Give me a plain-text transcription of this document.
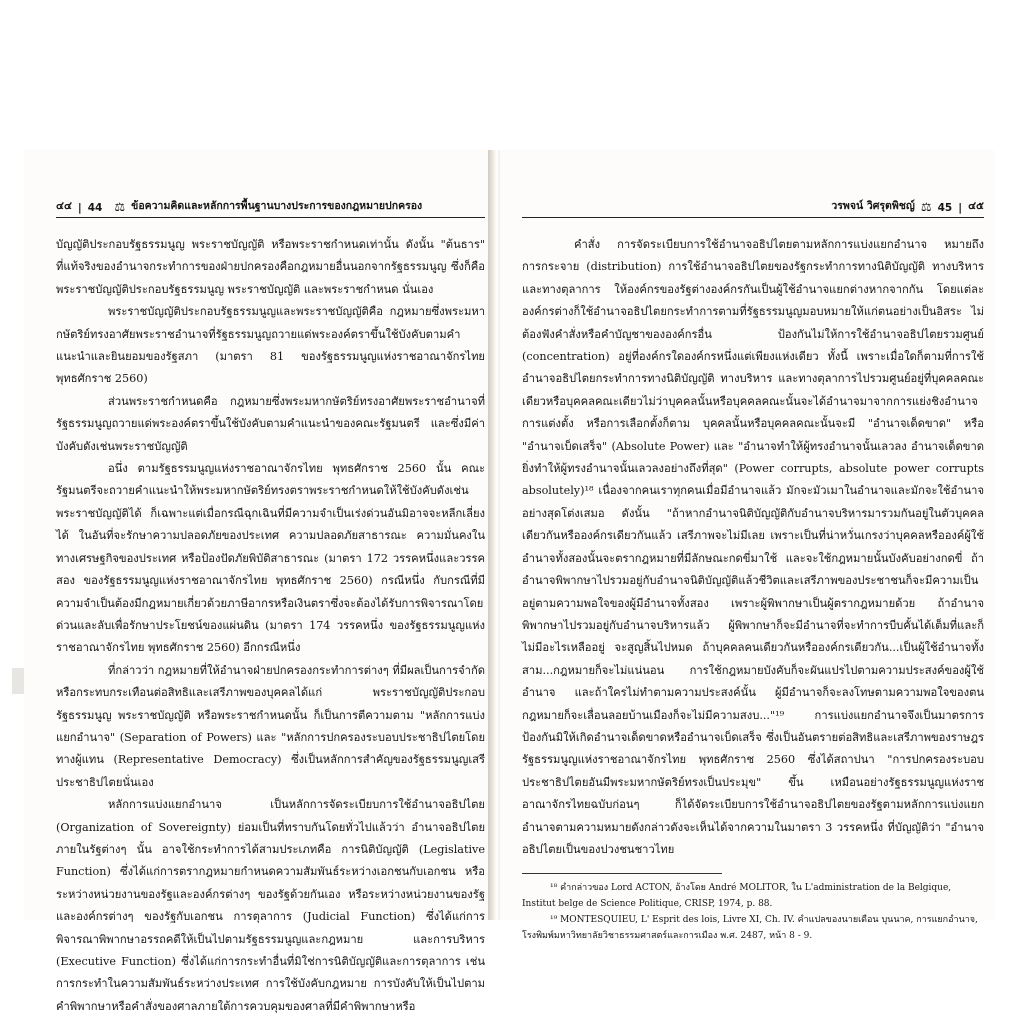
๔๔ | 44 ⚖ ข้อความคิดและหลักการพื้นฐานบางประการของกฎหมายปกครอง

บัญญัติประกอบรัฐธรรมนูญ พระราชบัญญัติ หรือพระราชกำหนดเท่านั้น ดังนั้น "ต้นธาร" ที่แท้จริงของอำนาจกระทำการของฝ่ายปกครองคือกฎหมายอื่นนอกจากรัฐธรรมนูญ ซึ่งก็คือ พระราชบัญญัติประกอบรัฐธรรมนูญ พระราชบัญญัติ และพระราชกำหนด นั่นเอง

พระราชบัญญัติประกอบรัฐธรรมนูญและพระราชบัญญัติคือ กฎหมายซึ่งพระมหากษัตริย์ทรงอาศัยพระราชอำนาจที่รัฐธรรมนูญถวายแด่พระองค์ตราขึ้นใช้บังคับตามคำแนะนำและยินยอมของรัฐสภา (มาตรา 81 ของรัฐธรรมนูญแห่งราชอาณาจักรไทย พุทธศักราช 2560)

ส่วนพระราชกำหนดคือ กฎหมายซึ่งพระมหากษัตริย์ทรงอาศัยพระราชอำนาจที่รัฐธรรมนูญถวายแด่พระองค์ตราขึ้นใช้บังคับตามคำแนะนำของคณะรัฐมนตรี และซึ่งมีค่าบังคับดังเช่นพระราชบัญญัติ

อนึ่ง ตามรัฐธรรมนูญแห่งราชอาณาจักรไทย พุทธศักราช 2560 นั้น คณะรัฐมนตรีจะถวายคำแนะนำให้พระมหากษัตริย์ทรงตราพระราชกำหนดให้ใช้บังคับดังเช่นพระราชบัญญัติได้ ก็เฉพาะแต่เมื่อกรณีฉุกเฉินที่มีความจำเป็นเร่งด่วนอันมิอาจจะหลีกเลี่ยงได้ ในอันที่จะรักษาความปลอดภัยของประเทศ ความปลอดภัยสาธารณะ ความมั่นคงในทางเศรษฐกิจของประเทศ หรือป้องปัดภัยพิบัติสาธารณะ (มาตรา 172 วรรคหนึ่งและวรรคสอง ของรัฐธรรมนูญแห่งราชอาณาจักรไทย พุทธศักราช 2560) กรณีหนึ่ง กับกรณีที่มีความจำเป็นต้องมีกฎหมายเกี่ยวด้วยภาษีอากรหรือเงินตราซึ่งจะต้องได้รับการพิจารณาโดยด่วนและลับเพื่อรักษาประโยชน์ของแผ่นดิน (มาตรา 174 วรรคหนึ่ง ของรัฐธรรมนูญแห่งราชอาณาจักรไทย พุทธศักราช 2560) อีกกรณีหนึ่ง

ที่กล่าวว่า กฎหมายที่ให้อำนาจฝ่ายปกครองกระทำการต่างๆ ที่มีผลเป็นการจำกัดหรือกระทบกระเทือนต่อสิทธิและเสรีภาพของบุคคลได้แก่ พระราชบัญญัติประกอบรัฐธรรมนูญ พระราชบัญญัติ หรือพระราชกำหนดนั้น ก็เป็นการตีความตาม "หลักการแบ่งแยกอำนาจ" (Separation of Powers) และ "หลักการปกครองระบอบประชาธิปไตยโดยทางผู้แทน (Representative Democracy) ซึ่งเป็นหลักการสำคัญของรัฐธรรมนูญเสรีประชาธิปไตยนั่นเอง

หลักการแบ่งแยกอำนาจ เป็นหลักการจัดระเบียบการใช้อำนาจอธิปไตย (Organization of Sovereignty) ย่อมเป็นที่ทราบกันโดยทั่วไปแล้วว่า อำนาจอธิปไตยภายในรัฐต่างๆ นั้น อาจใช้กระทำการได้สามประเภทคือ การนิติบัญญัติ (Legislative Function) ซึ่งได้แก่การตรากฎหมายกำหนดความสัมพันธ์ระหว่างเอกชนกับเอกชน หรือระหว่างหน่วยงานของรัฐและองค์กรต่างๆ ของรัฐด้วยกันเอง หรือระหว่างหน่วยงานของรัฐและองค์กรต่างๆ ของรัฐกับเอกชน การตุลาการ (Judicial Function) ซึ่งได้แก่การพิจารณาพิพากษาอรรถคดีให้เป็นไปตามรัฐธรรมนูญและกฎหมาย และการบริหาร (Executive Function) ซึ่งได้แก่การกระทำอื่นที่มิใช่การนิติบัญญัติและการตุลาการ เช่น การกระทำในความสัมพันธ์ระหว่างประเทศ การใช้บังคับกฎหมาย การบังคับให้เป็นไปตามคำพิพากษาหรือคำสั่งของศาลภายใต้การควบคุมของศาลที่มีคำพิพากษาหรือ

วรพจน์ วิศรุตพิชญ์ ⚖ 45 | ๔๕

คำสั่ง การจัดระเบียบการใช้อำนาจอธิปไตยตามหลักการแบ่งแยกอำนาจ หมายถึง การกระจาย (distribution) การใช้อำนาจอธิปไตยของรัฐกระทำการทางนิติบัญญัติ ทางบริหาร และทางตุลาการ ให้องค์กรของรัฐต่างองค์กรกันเป็นผู้ใช้อำนาจแยกต่างหากจากกัน โดยแต่ละองค์กรต่างก็ใช้อำนาจอธิปไตยกระทำการตามที่รัฐธรรมนูญมอบหมายให้แก่ตนอย่างเป็นอิสระ ไม่ต้องฟังคำสั่งหรือคำบัญชาขององค์กรอื่น ป้องกันไม่ให้การใช้อำนาจอธิปไตยรวมศูนย์ (concentration) อยู่ที่องค์กรใดองค์กรหนึ่งแต่เพียงแห่งเดียว ทั้งนี้ เพราะเมื่อใดก็ตามที่การใช้อำนาจอธิปไตยกระทำการทางนิติบัญญัติ ทางบริหาร และทางตุลาการไปรวมศูนย์อยู่ที่บุคคลคณะเดียวหรือบุคคลคณะเดียวไม่ว่าบุคคลนั้นหรือบุคคลคณะนั้นจะได้อำนาจมาจากการแย่งชิงอำนาจ การแต่งตั้ง หรือการเลือกตั้งก็ตาม บุคคลนั้นหรือบุคคลคณะนั้นจะมี "อำนาจเด็ดขาด" หรือ "อำนาจเบ็ดเสร็จ" (Absolute Power) และ "อำนาจทำให้ผู้ทรงอำนาจนั้นเลวลง อำนาจเด็ดขาดยิ่งทำให้ผู้ทรงอำนาจนั้นเลวลงอย่างถึงที่สุด" (Power corrupts, absolute power corrupts absolutely)¹⁸ เนื่องจากคนเราทุกคนเมื่อมีอำนาจแล้ว มักจะมัวเมาในอำนาจและมักจะใช้อำนาจอย่างสุดโต่งเสมอ ดังนั้น "ถ้าหากอำนาจนิติบัญญัติกับอำนาจบริหารมารวมกันอยู่ในตัวบุคคลเดียวกันหรือองค์กรเดียวกันแล้ว เสรีภาพจะไม่มีเลย เพราะเป็นที่น่าหวั่นเกรงว่าบุคคลหรือองค์ผู้ใช้อำนาจทั้งสองนั้นจะตรากฎหมายที่มีลักษณะกดขี่มาใช้ และจะใช้กฎหมายนั้นบังคับอย่างกดขี่ ถ้าอำนาจพิพากษาไปรวมอยู่กับอำนาจนิติบัญญัติแล้วชีวิตและเสรีภาพของประชาชนก็จะมีความเป็นอยู่ตามความพอใจของผู้มีอำนาจทั้งสอง เพราะผู้พิพากษาเป็นผู้ตรากฎหมายด้วย ถ้าอำนาจพิพากษาไปรวมอยู่กับอำนาจบริหารแล้ว ผู้พิพากษาก็จะมีอำนาจที่จะทำการบีบคั้นได้เต็มที่และก็ไม่มีอะไรเหลืออยู่ จะสูญสิ้นไปหมด ถ้าบุคคลคนเดียวกันหรือองค์กรเดียวกัน...เป็นผู้ใช้อำนาจทั้งสาม...กฎหมายก็จะไม่แน่นอน การใช้กฎหมายบังคับก็จะผันแปรไปตามความประสงค์ของผู้ใช้อำนาจ และถ้าใครไม่ทำตามความประสงค์นั้น ผู้มีอำนาจก็จะลงโทษตามความพอใจของตน กฎหมายก็จะเลื่อนลอยบ้านเมืองก็จะไม่มีความสงบ..."¹⁹ การแบ่งแยกอำนาจจึงเป็นมาตรการป้องกันมิให้เกิดอำนาจเด็ดขาดหรืออำนาจเบ็ดเสร็จ ซึ่งเป็นอันตรายต่อสิทธิและเสรีภาพของราษฎร รัฐธรรมนูญแห่งราชอาณาจักรไทย พุทธศักราช 2560 ซึ่งได้สถาปนา "การปกครองระบอบประชาธิปไตยอันมีพระมหากษัตริย์ทรงเป็นประมุข" ขึ้น เหมือนอย่างรัฐธรรมนูญแห่งราชอาณาจักรไทยฉบับก่อนๆ ก็ได้จัดระเบียบการใช้อำนาจอธิปไตยของรัฐตามหลักการแบ่งแยกอำนาจตามความหมายดังกล่าวดังจะเห็นได้จากความในมาตรา 3 วรรคหนึ่ง ที่บัญญัติว่า "อำนาจอธิปไตยเป็นของปวงชนชาวไทย

¹⁸ คำกล่าวของ Lord ACTON, อ้างโดย André MOLITOR, ใน L'administration de la Belgique, Institut belge de Science Politique, CRISP, 1974, p. 88.

¹⁹ MONTESQUIEU, L' Esprit des lois, Livre XI, Ch. IV. คำแปลของนายเดือน บุนนาค, การแยกอำนาจ, โรงพิมพ์มหาวิทยาลัยวิชาธรรมศาสตร์และการเมือง พ.ศ. 2487, หน้า 8 - 9.
